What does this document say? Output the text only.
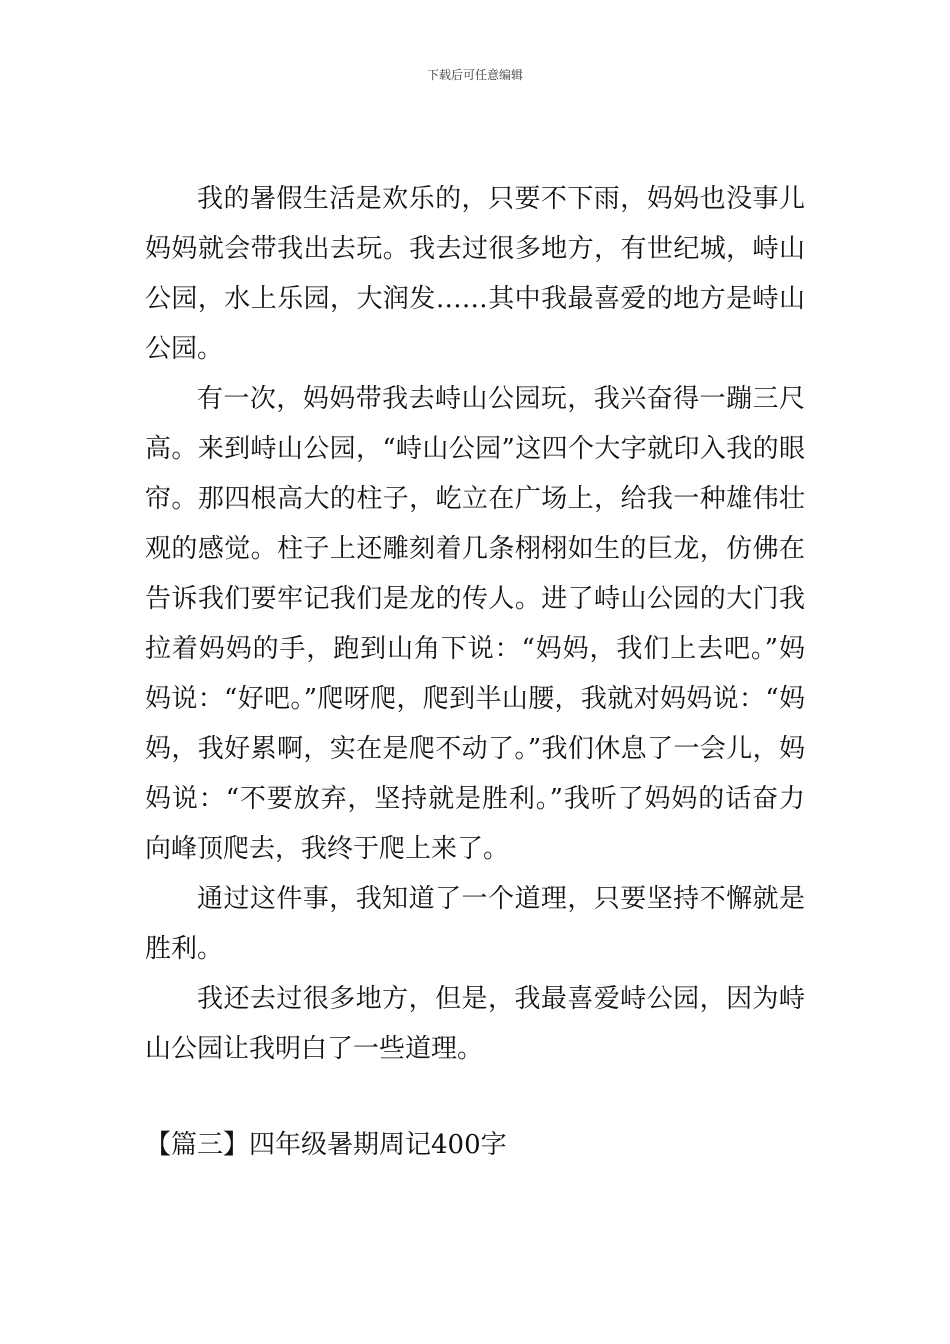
下载后可任意编辑

我的暑假生活是欢乐的，只要不下雨，妈妈也没事儿妈妈就会带我出去玩。我去过很多地方，有世纪城，峙山公园，水上乐园，大润发……其中我最喜爱的地方是峙山公园。

有一次，妈妈带我去峙山公园玩，我兴奋得一蹦三尺高。来到峙山公园，“峙山公园”这四个大字就印入我的眼帘。那四根高大的柱子，屹立在广场上，给我一种雄伟壮观的感觉。柱子上还雕刻着几条栩栩如生的巨龙，仿佛在告诉我们要牢记我们是龙的传人。进了峙山公园的大门我拉着妈妈的手，跑到山角下说：“妈妈，我们上去吧。”妈妈说：“好吧。”爬呀爬，爬到半山腰，我就对妈妈说：“妈妈，我好累啊，实在是爬不动了。”我们休息了一会儿，妈妈说：“不要放弃，坚持就是胜利。”我听了妈妈的话奋力向峰顶爬去，我终于爬上来了。

通过这件事，我知道了一个道理，只要坚持不懈就是胜利。

我还去过很多地方，但是，我最喜爱峙公园，因为峙山公园让我明白了一些道理。

【篇三】四年级暑期周记400字
